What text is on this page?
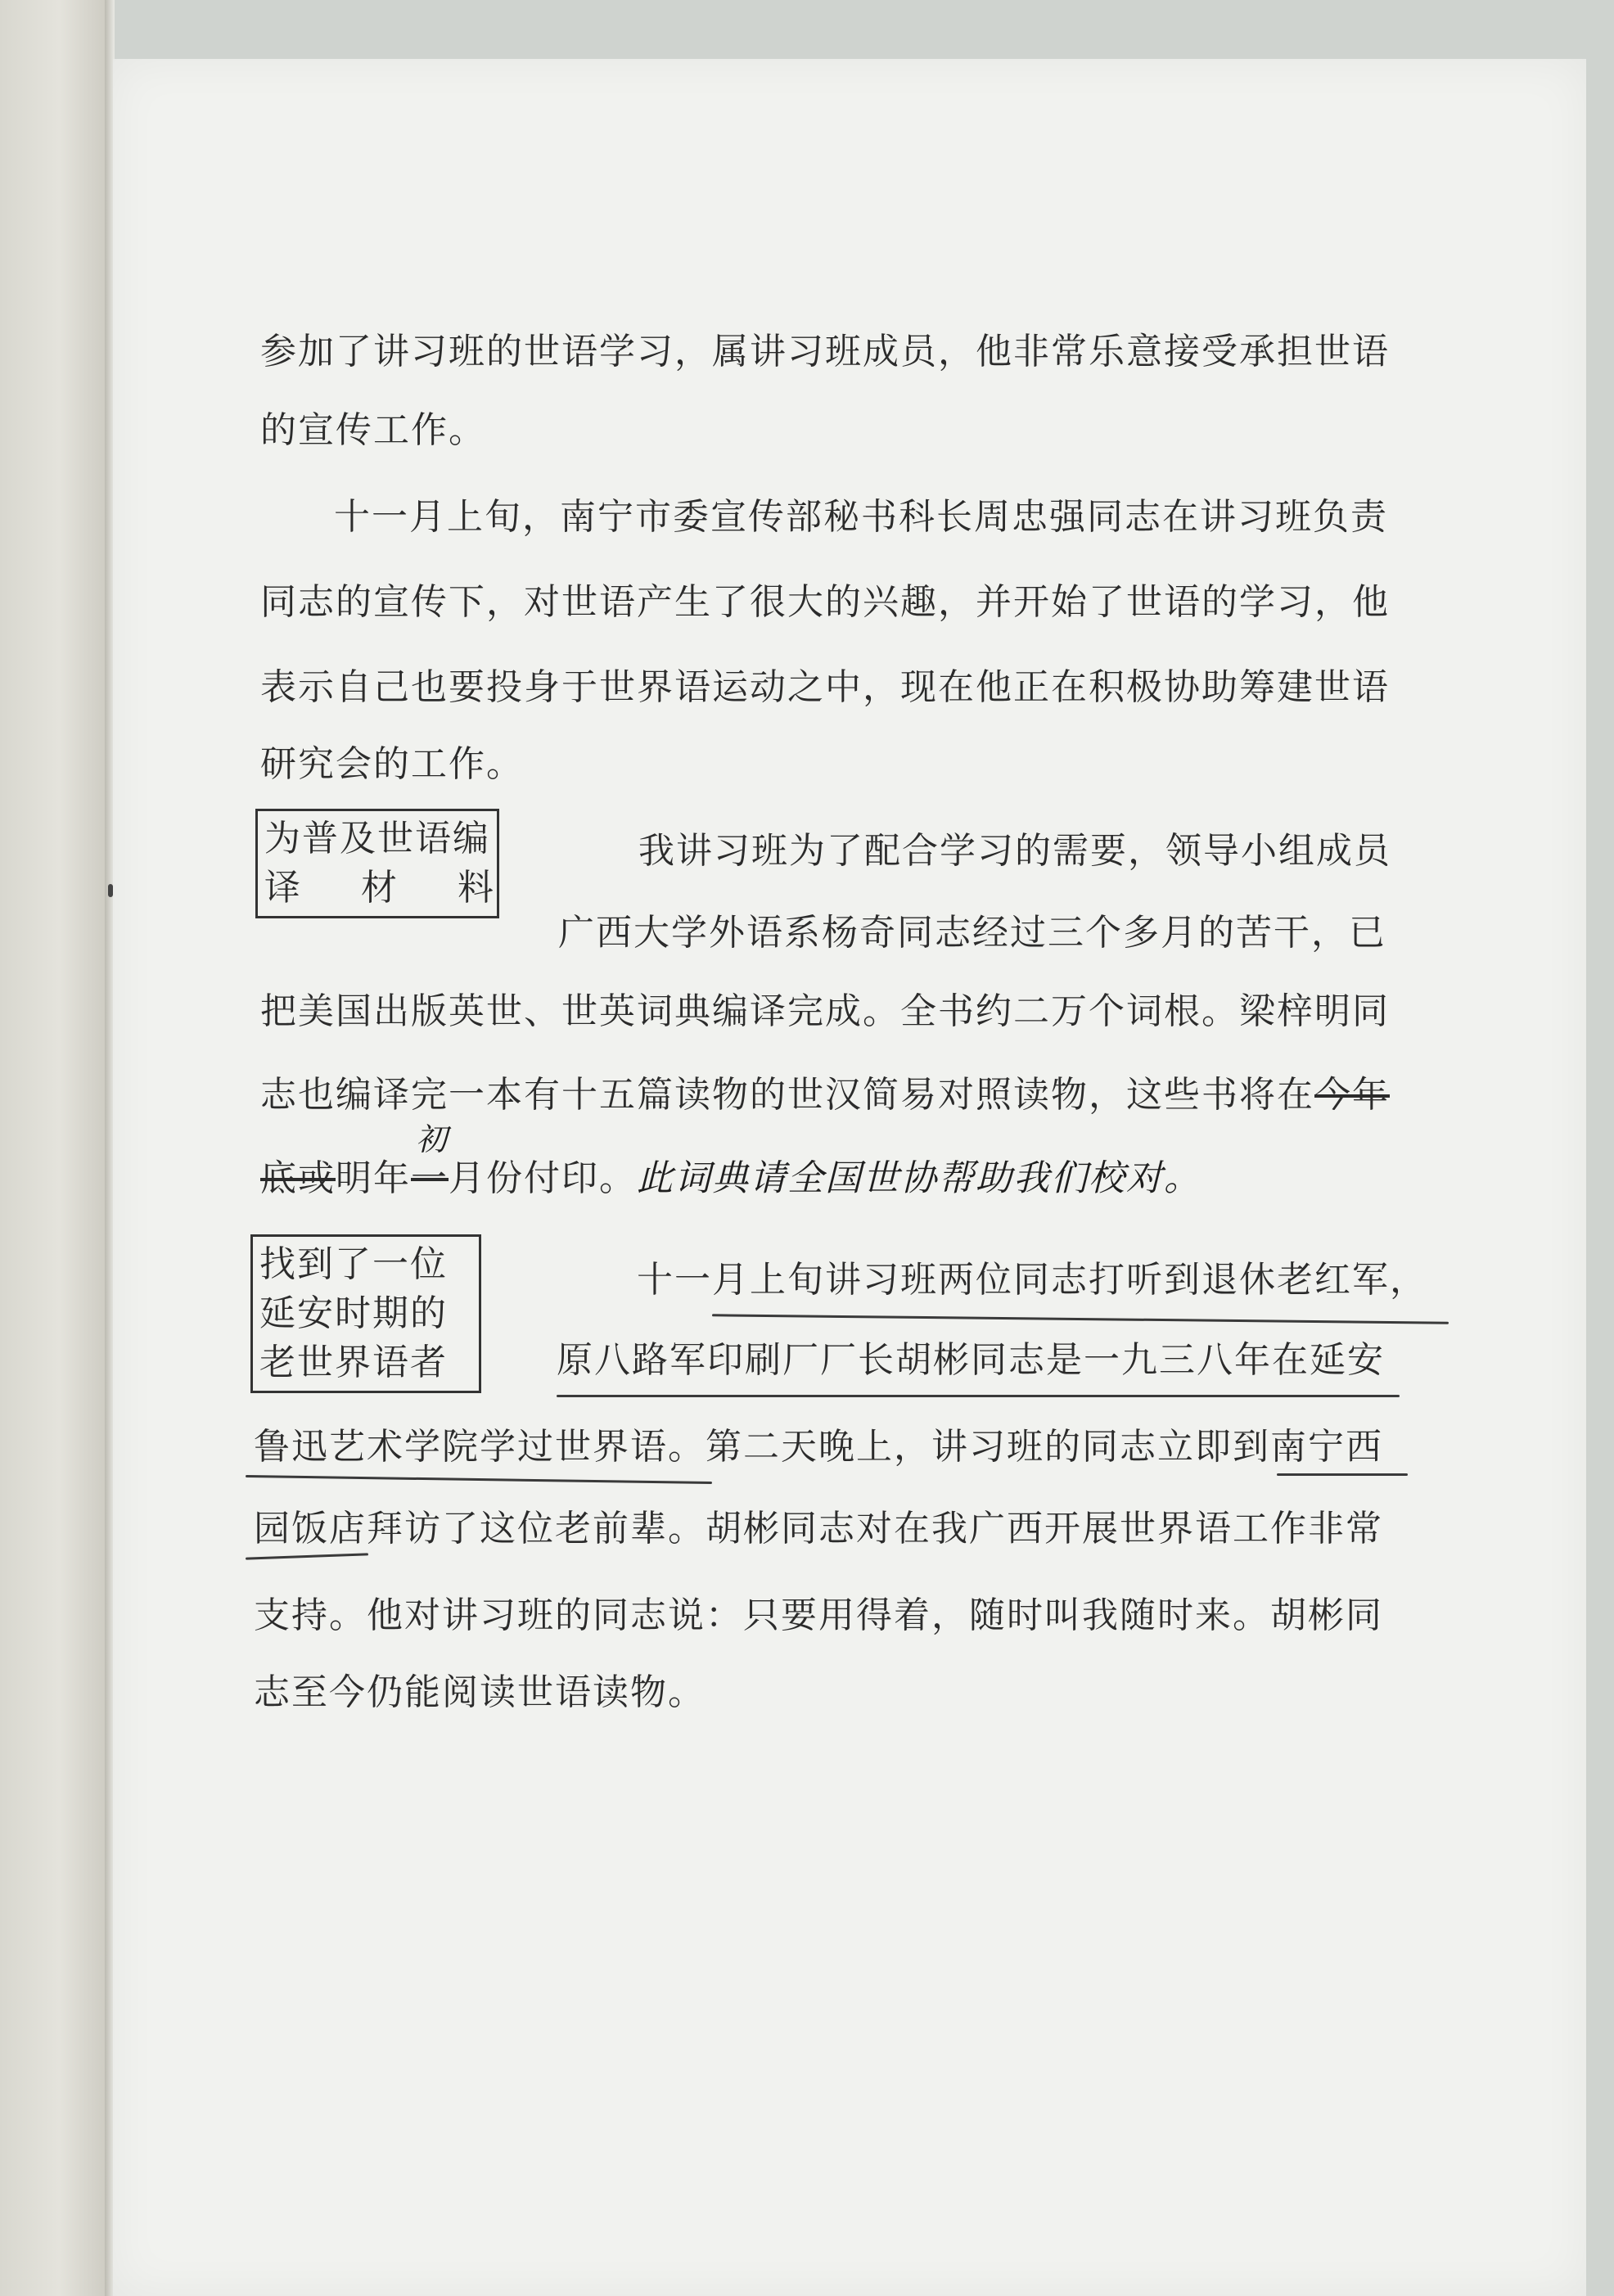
参加了讲习班的世语学习，属讲习班成员，他非常乐意接受承担世语
的宣传工作。
十一月上旬，南宁市委宣传部秘书科长周忠强同志在讲习班负责
同志的宣传下，对世语产生了很大的兴趣，并开始了世语的学习，他
表示自己也要投身于世界语运动之中，现在他正在积极协助筹建世语
研究会的工作。
为普及世语编
译 材 料
我讲习班为了配合学习的需要，领导小组成员
广西大学外语系杨奇同志经过三个多月的苦干，已
把美国出版英世、世英词典编译完成。全书约二万个词根。梁梓明同
志也编译完一本有十五篇读物的世汉简易对照读物，这些书将在今年
底或明年一月份付印。此词典请全国世协帮助我们校对。
初
找到了一位
延安时期的
老世界语者
十一月上旬讲习班两位同志打听到退休老红军，
原八路军印刷厂厂长胡彬同志是一九三八年在延安
鲁迅艺术学院学过世界语。第二天晚上，讲习班的同志立即到南宁西
园饭店拜访了这位老前辈。胡彬同志对在我广西开展世界语工作非常
支持。他对讲习班的同志说：只要用得着，随时叫我随时来。胡彬同
志至今仍能阅读世语读物。
